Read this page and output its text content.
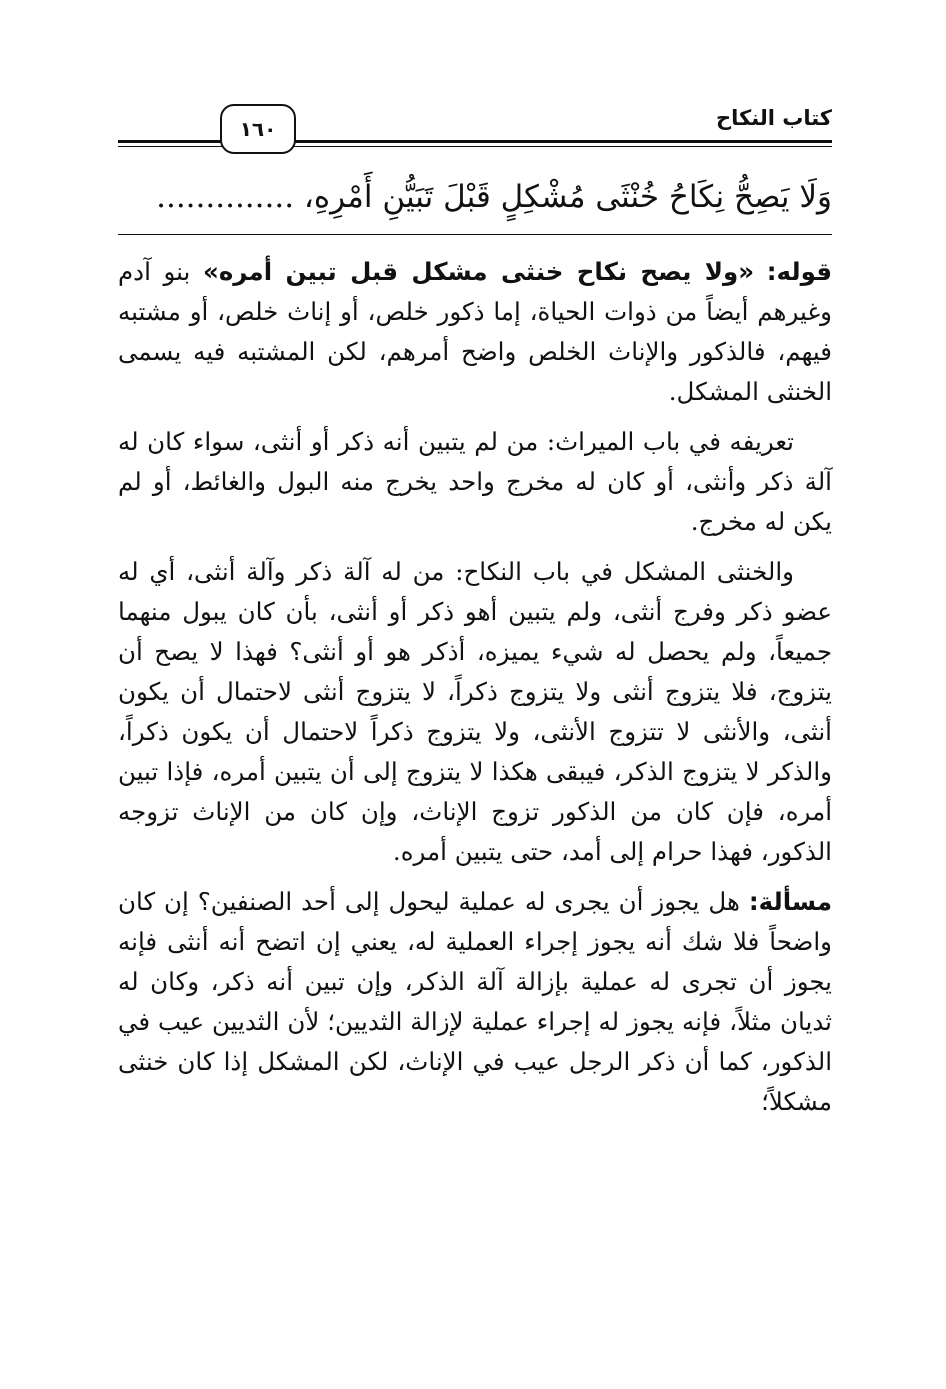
كتاب النكاح
١٦٠
وَلَا يَصِحُّ نِكَاحُ خُنْثَى مُشْكِلٍ قَبْلَ تَبَيُّنِ أَمْرِهِ، ..............

قوله: «ولا يصح نكاح خنثى مشكل قبل تبين أمره» بنو آدم وغيرهم أيضاً من ذوات الحياة، إما ذكور خلص، أو إناث خلص، أو مشتبه فيهم، فالذكور والإناث الخلص واضح أمرهم، لكن المشتبه فيه يسمى الخنثى المشكل.

تعريفه في باب الميراث: من لم يتبين أنه ذكر أو أنثى، سواء كان له آلة ذكر وأنثى، أو كان له مخرج واحد يخرج منه البول والغائط، أو لم يكن له مخرج.

والخنثى المشكل في باب النكاح: من له آلة ذكر وآلة أنثى، أي له عضو ذكر وفرج أنثى، ولم يتبين أهو ذكر أو أنثى، بأن كان يبول منهما جميعاً، ولم يحصل له شيء يميزه، أذكر هو أو أنثى؟ فهذا لا يصح أن يتزوج، فلا يتزوج أنثى ولا يتزوج ذكراً، لا يتزوج أنثى لاحتمال أن يكون أنثى، والأنثى لا تتزوج الأنثى، ولا يتزوج ذكراً لاحتمال أن يكون ذكراً، والذكر لا يتزوج الذكر، فيبقى هكذا لا يتزوج إلى أن يتبين أمره، فإذا تبين أمره، فإن كان من الذكور تزوج الإناث، وإن كان من الإناث تزوجه الذكور، فهذا حرام إلى أمد، حتى يتبين أمره.

مسألة: هل يجوز أن يجرى له عملية ليحول إلى أحد الصنفين؟ إن كان واضحاً فلا شك أنه يجوز إجراء العملية له، يعني إن اتضح أنه أنثى فإنه يجوز أن تجرى له عملية بإزالة آلة الذكر، وإن تبين أنه ذكر، وكان له ثديان مثلاً، فإنه يجوز له إجراء عملية لإزالة الثديين؛ لأن الثديين عيب في الذكور، كما أن ذكر الرجل عيب في الإناث، لكن المشكل إذا كان خنثى مشكلاً؛
